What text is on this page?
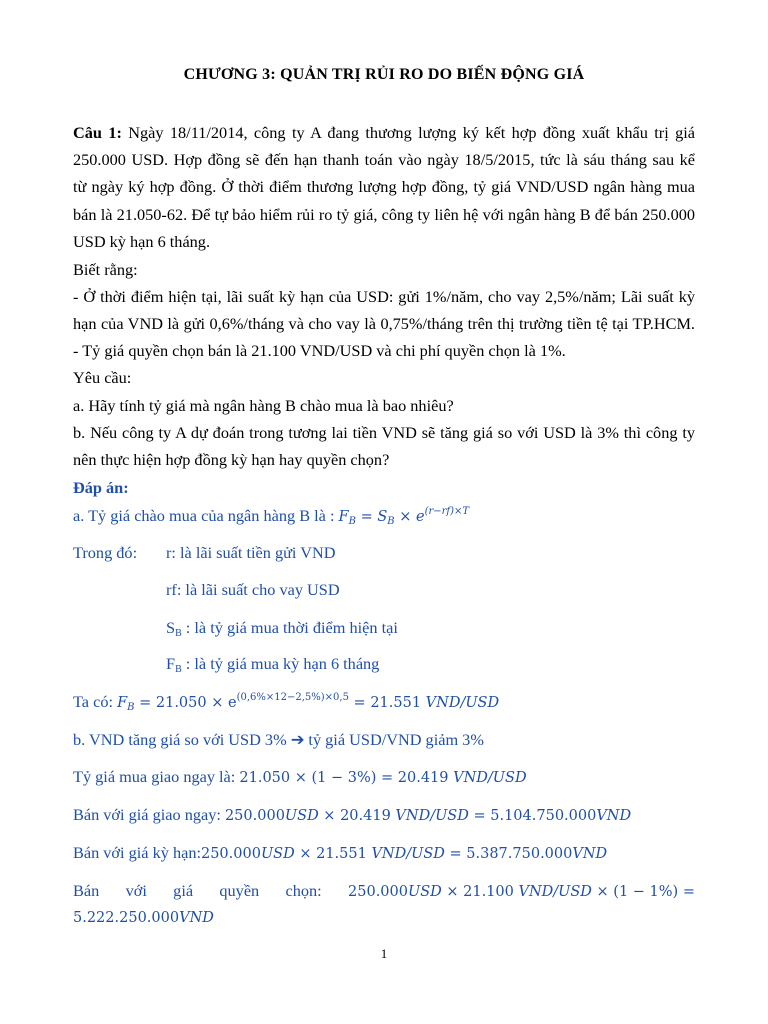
CHƯƠNG 3: QUẢN TRỊ RỦI RO DO BIẾN ĐỘNG GIÁ
Câu 1: Ngày 18/11/2014, công ty A đang thương lượng ký kết hợp đồng xuất khẩu trị giá
250.000 USD. Hợp đồng sẽ đến hạn thanh toán vào ngày 18/5/2015, tức là sáu tháng sau kể
từ ngày ký hợp đồng. Ở thời điểm thương lượng hợp đồng, tỷ giá VND/USD ngân hàng mua
bán là 21.050-62. Để tự bảo hiểm rủi ro tỷ giá, công ty liên hệ với ngân hàng B để bán 250.000
USD kỳ hạn 6 tháng.
Biết rằng:
- Ở thời điểm hiện tại, lãi suất kỳ hạn của USD: gửi 1%/năm, cho vay 2,5%/năm; Lãi suất kỳ
hạn của VND là gửi 0,6%/tháng và cho vay là 0,75%/tháng trên thị trường tiền tệ tại TP.HCM.
- Tỷ giá quyền chọn bán là 21.100 VND/USD và chi phí quyền chọn là 1%.
Yêu cầu:
a. Hãy tính tỷ giá mà ngân hàng B chào mua là bao nhiêu?
b. Nếu công ty A dự đoán trong tương lai tiền VND sẽ tăng giá so với USD là 3% thì công ty
nên thực hiện hợp đồng kỳ hạn hay quyền chọn?
Đáp án:
a. Tỷ giá chào mua của ngân hàng B là : $F_B = S_B \times e^{(r-rf)\times T}$
Trong đó: r: là lãi suất tiền gửi VND
rf: là lãi suất cho vay USD
$S_B$ : là tỷ giá mua thời điểm hiện tại
$F_B$ : là tỷ giá mua kỳ hạn 6 tháng
Ta có: $F_B = 21.050 \times e^{(0,6\%\times 12-2,5\%)\times 0,5} = 21.551$ VND/USD
b. VND tăng giá so với USD 3% ➔ tỷ giá USD/VND giảm 3%
Tỷ giá mua giao ngay là: 21.050 × (1 − 3%) = 20.419 VND/USD
Bán với giá giao ngay: 250.000USD × 20.419 VND/USD = 5.104.750.000VND
Bán với giá kỳ hạn:250.000USD × 21.551 VND/USD = 5.387.750.000VND
Bán với giá quyền chọn: 250.000USD × 21.100 VND/USD × (1 − 1%) =
5.222.250.000VND
1
